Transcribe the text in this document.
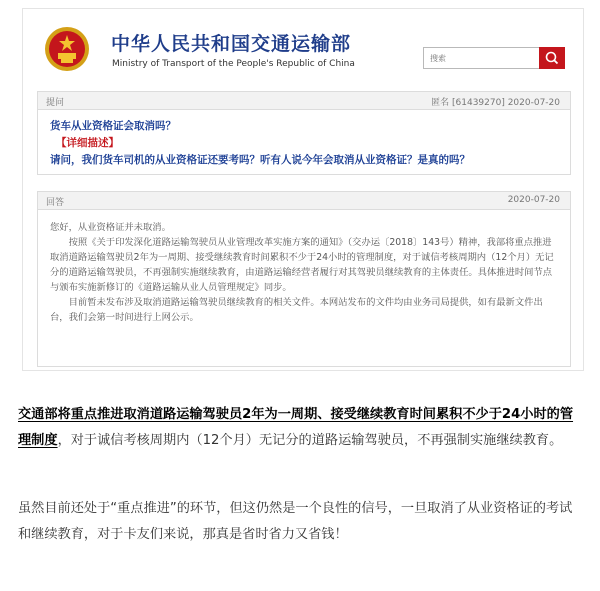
中华人民共和国交通运输部
Ministry of Transport of the People's Republic of China
搜索
提问	匿名 [61439270] 2020-07-20
货车从业资格证会取消吗？
【详细描述】
请问，我们货车司机的从业资格证还要考吗？听有人说今年会取消从业资格证？是真的吗？
回答	2020-07-20

您好，从业资格证并未取消。

按照《关于印发深化道路运输驾驶员从业管理改革实施方案的通知》（交办运〔2018〕143号）精神，我部将重点推进取消道路运输驾驶员2年为一周期、接受继续教育时间累积不少于24小时的管理制度，对于诚信考核周期内（12个月）无记分的道路运输驾驶员，不再强制实施继续教育，由道路运输经营者履行对其驾驶员继续教育的主体责任。具体推进时间节点与颁布实施新修订的《道路运输从业人员管理规定》同步。

目前暂未发布涉及取消道路运输驾驶员继续教育的相关文件。本网站发布的文件均由业务司局提供，如有最新文件出台，我们会第一时间进行上网公示。

交通部将重点推进取消道路运输驾驶员2年为一周期、接受继续教育时间累积不少于24小时的管理制度，对于诚信考核周期内（12个月）无记分的道路运输驾驶员，不再强制实施继续教育。
虽然目前还处于“重点推进”的环节，但这仍然是一个良性的信号，一旦取消了从业资格证的考试和继续教育，对于卡友们来说，那真是省时省力又省钱！
